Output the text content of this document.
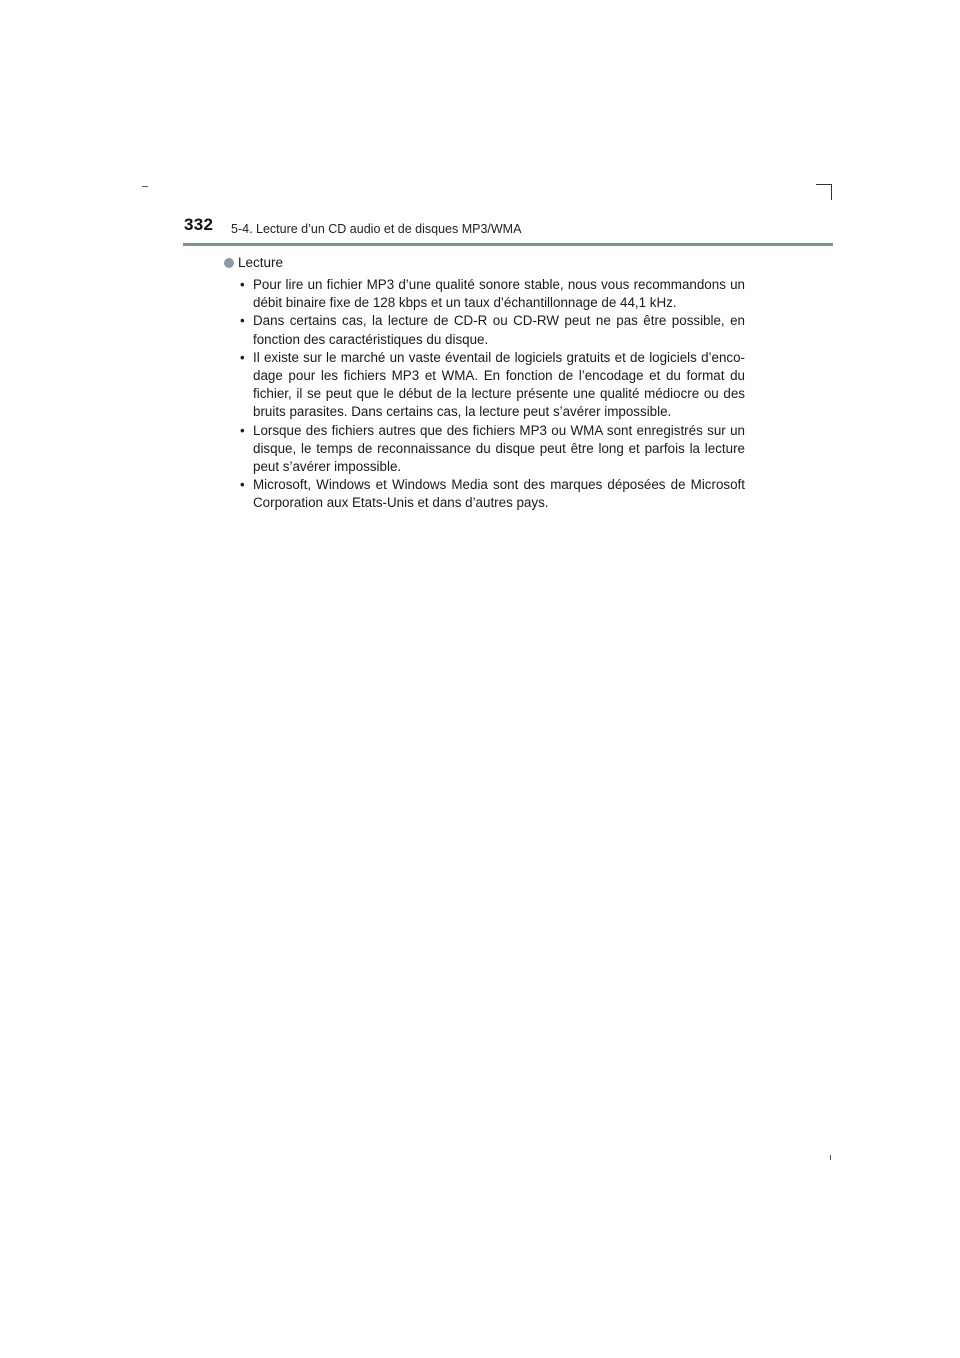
332 5-4. Lecture d’un CD audio et de disques MP3/WMA
Lecture
• Pour lire un fichier MP3 d’une qualité sonore stable, nous vous recommandons un débit binaire fixe de 128 kbps et un taux d’échantillonnage de 44,1 kHz.
• Dans certains cas, la lecture de CD-R ou CD-RW peut ne pas être possible, en fonction des caractéristiques du disque.
• Il existe sur le marché un vaste éventail de logiciels gratuits et de logiciels d’enco-dage pour les fichiers MP3 et WMA. En fonction de l’encodage et du format du fichier, il se peut que le début de la lecture présente une qualité médiocre ou des bruits parasites. Dans certains cas, la lecture peut s’avérer impossible.
• Lorsque des fichiers autres que des fichiers MP3 ou WMA sont enregistrés sur un disque, le temps de reconnaissance du disque peut être long et parfois la lecture peut s’avérer impossible.
• Microsoft, Windows et Windows Media sont des marques déposées de Microsoft Corporation aux Etats-Unis et dans d’autres pays.
